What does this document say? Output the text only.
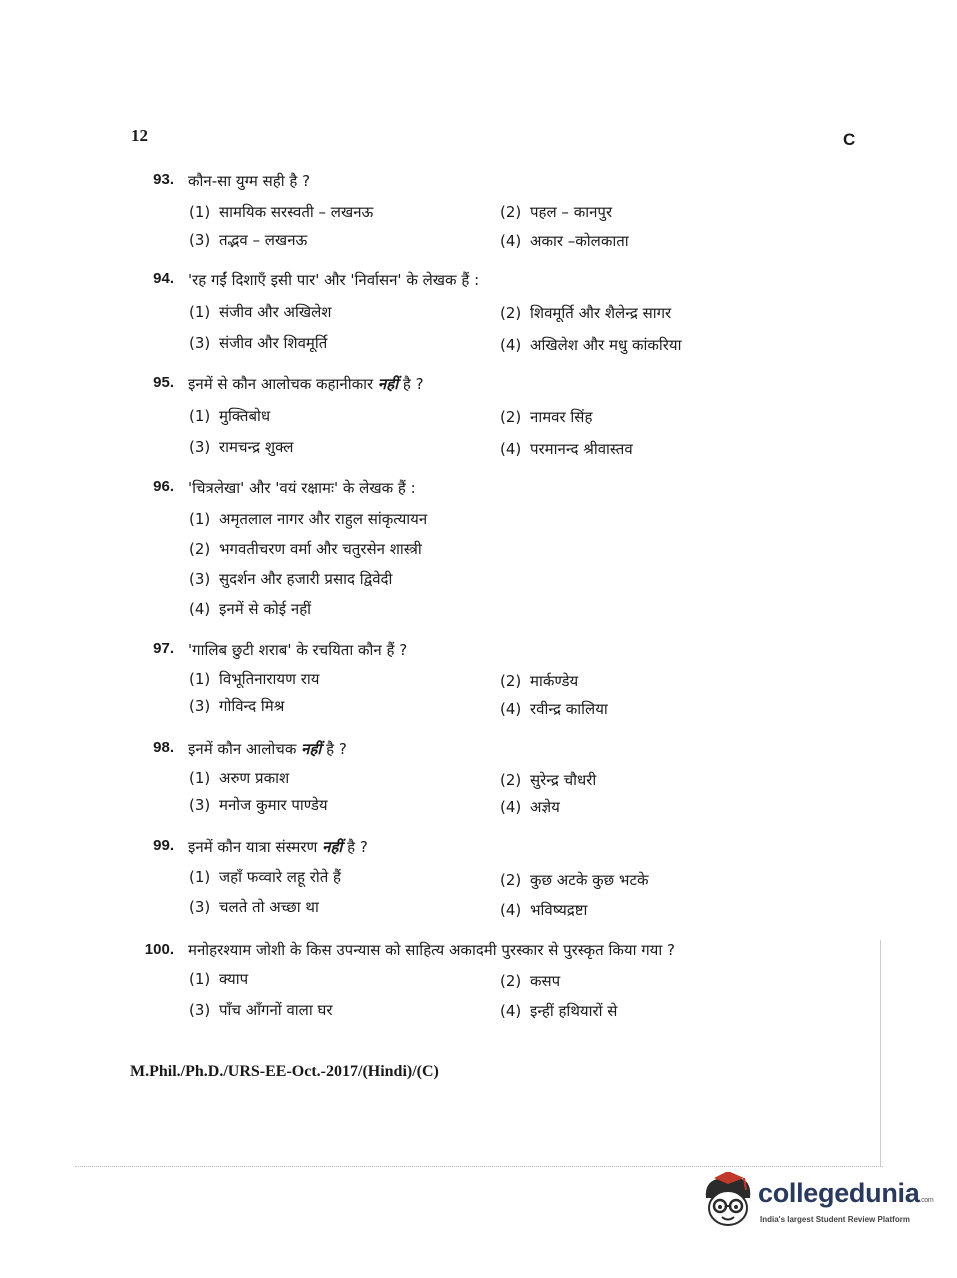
12	C
93. कौन-सा युग्म सही है ?
(1) सामयिक सरस्वती – लखनऊ	(2) पहल – कानपुर
(3) तद्भव – लखनऊ	(4) अकार –कोलकाता
94. 'रह गईं दिशाएँ इसी पार' और 'निर्वासन' के लेखक हैं :
(1) संजीव और अखिलेश	(2) शिवमूर्ति और शैलेन्द्र सागर
(3) संजीव और शिवमूर्ति	(4) अखिलेश और मधु कांकरिया
95. इनमें से कौन आलोचक कहानीकार नहीं है ?
(1) मुक्तिबोध	(2) नामवर सिंह
(3) रामचन्द्र शुक्ल	(4) परमानन्द श्रीवास्तव
96. 'चित्रलेखा' और 'वयं रक्षामः' के लेखक हैं :
(1) अमृतलाल नागर और राहुल सांकृत्यायन
(2) भगवतीचरण वर्मा और चतुरसेन शास्त्री
(3) सुदर्शन और हजारी प्रसाद द्विवेदी
(4) इनमें से कोई नहीं
97. 'गालिब छुटी शराब' के रचयिता कौन हैं ?
(1) विभूतिनारायण राय	(2) मार्कण्डेय
(3) गोविन्द मिश्र	(4) रवीन्द्र कालिया
98. इनमें कौन आलोचक नहीं है ?
(1) अरुण प्रकाश	(2) सुरेन्द्र चौधरी
(3) मनोज कुमार पाण्डेय	(4) अज्ञेय
99. इनमें कौन यात्रा संस्मरण नहीं है ?
(1) जहाँ फव्वारे लहू रोते हैं	(2) कुछ अटके कुछ भटके
(3) चलते तो अच्छा था	(4) भविष्यद्रष्टा
100. मनोहरश्याम जोशी के किस उपन्यास को साहित्य अकादमी पुरस्कार से पुरस्कृत किया गया ?
(1) क्याप	(2) कसप
(3) पाँच आँगनों वाला घर	(4) इन्हीं हथियारों से
M.Phil./Ph.D./URS-EE-Oct.-2017/(Hindi)/(C)
collegedunia.com
India's largest Student Review Platform
